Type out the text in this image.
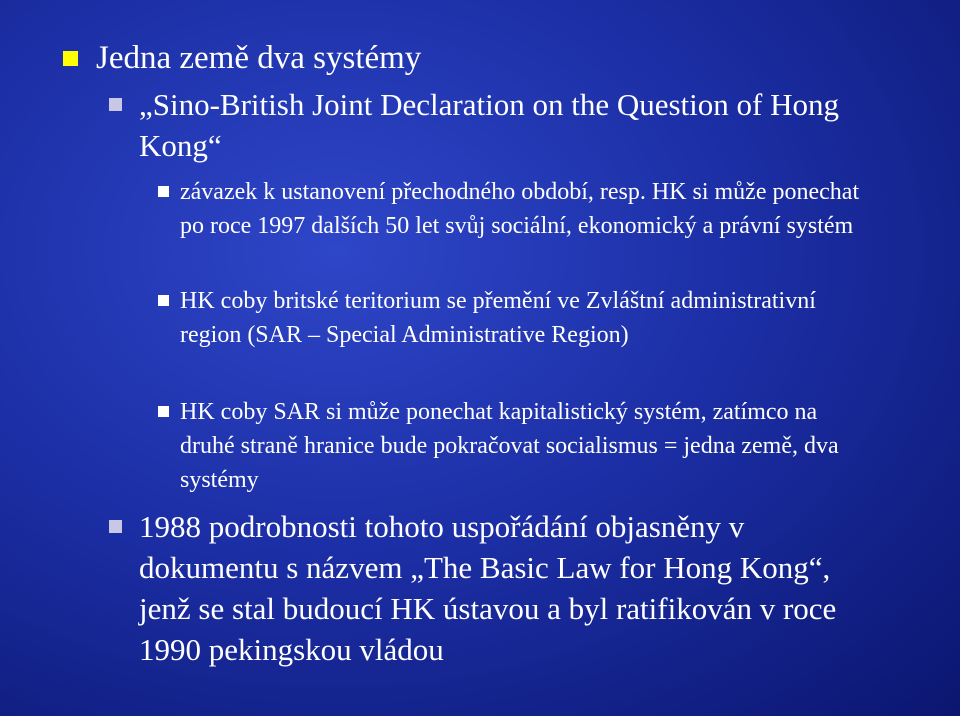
Jedna země dva systémy
„Sino-British Joint Declaration on the Question of Hong Kong“
závazek k ustanovení přechodného období, resp. HK si může ponechat po roce 1997 dalších 50 let svůj sociální, ekonomický a právní systém
HK coby britské teritorium se přemění ve Zvláštní administrativní region (SAR – Special Administrative Region)
HK coby SAR si může ponechat kapitalistický systém, zatímco na druhé straně hranice bude pokračovat socialismus = jedna země, dva systémy
1988 podrobnosti tohoto uspořádání objasněny v dokumentu s názvem „The Basic Law for Hong Kong“, jenž se stal budoucí HK ústavou a byl ratifikován v roce 1990 pekingskou vládou
